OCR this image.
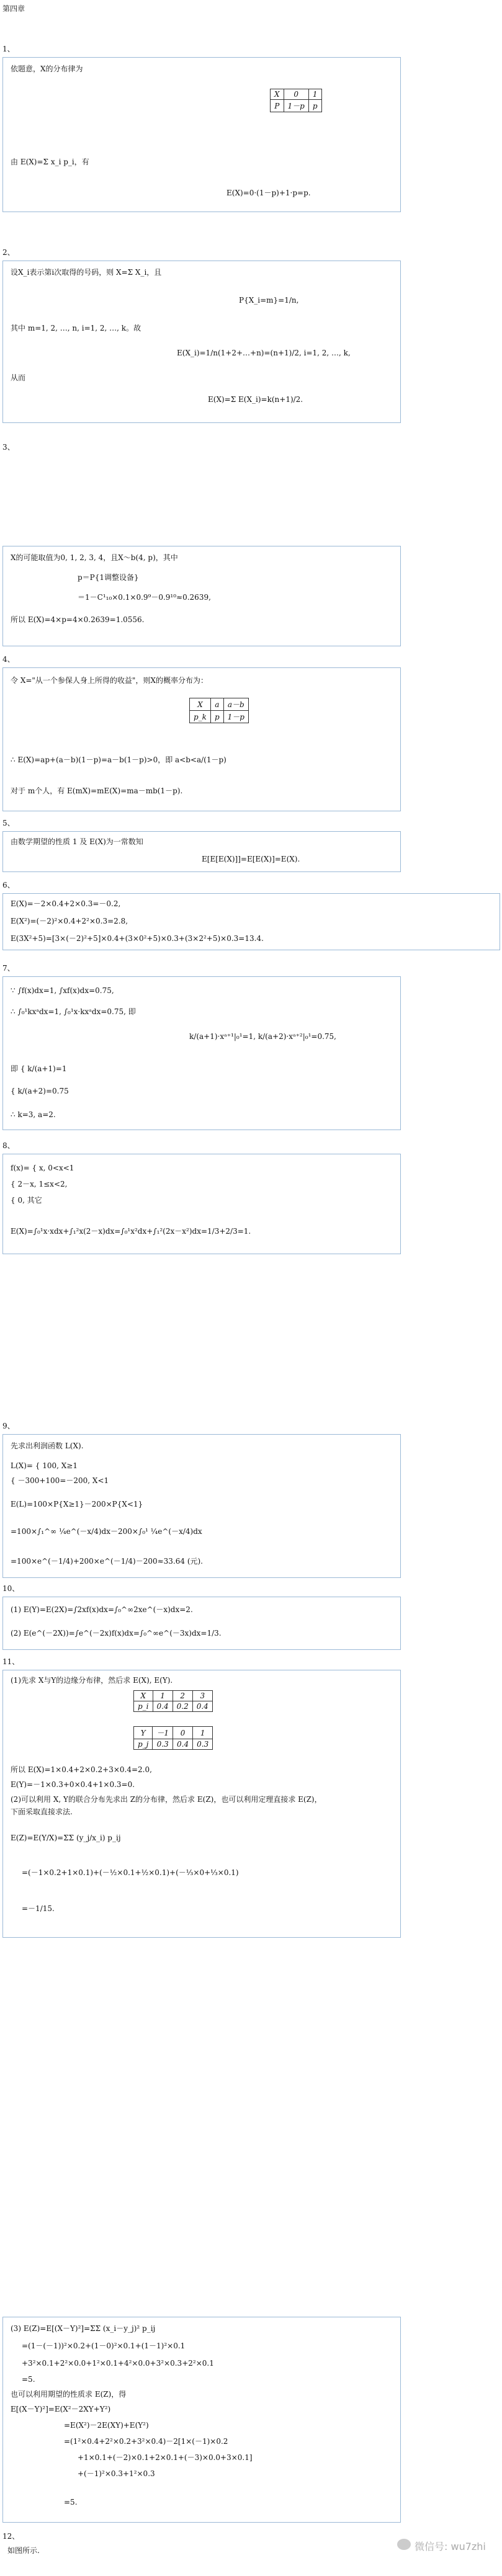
第四章
1、
依题意，X的分布律为
X	0	1
P	1－p	p
由 E(X)=Σ x_i p_i，有
E(X)=0·(1－p)+1·p=p.
2、
设X_i表示第i次取得的号码，则 X=Σ X_i，且
P{X_i=m}=1/n,
其中 m=1, 2, …, n, i=1, 2, …, k。故
E(X_i)=1/n(1+2+…+n)=(n+1)/2, i=1, 2, …, k,
从而
E(X)=Σ E(X_i)=k(n+1)/2.
3、
X的可能取值为0, 1, 2, 3, 4，且X～b(4, p)，其中
p＝P{1调整设备}
＝1－C¹₁₀×0.1×0.9⁹－0.9¹⁰≈0.2639,
所以 E(X)=4×p=4×0.2639=1.0556.
4、
令 X="从一个参保人身上所得的收益"，则X的概率分布为：
X	a	a－b
p_k	p	1－p
∴ E(X)=ap+(a－b)(1－p)=a－b(1－p)>0，即 a<b<a/(1－p)
对于 m个人，有 E(mX)=mE(X)=ma－mb(1－p).
5、
由数学期望的性质 1 及 E(X)为一常数知
E[E[E(X)]]=E[E(X)]=E(X).
6、
E(X)=－2×0.4+2×0.3=－0.2,
E(X²)=(－2)²×0.4+2²×0.3=2.8,
E(3X²+5)=[3×(－2)²+5]×0.4+(3×0²+5)×0.3+(3×2²+5)×0.3=13.4.
7、
∵ ∫f(x)dx=1, ∫xf(x)dx=0.75,
∴ ∫₀¹kxᵃdx=1, ∫₀¹x·kxᵃdx=0.75, 即
k/(a+1)·xᵃ⁺¹|₀¹=1, k/(a+2)·xᵃ⁺²|₀¹=0.75,
即 { k/(a+1)=1
{ k/(a+2)=0.75
∴ k=3, a=2.
8、
f(x)= { x, 0<x<1
{ 2－x, 1≤x<2,
{ 0, 其它
E(X)=∫₀¹x·xdx+∫₁²x(2－x)dx=∫₀¹x²dx+∫₁²(2x－x²)dx=1/3+2/3=1.
9、
先求出利润函数 L(X).
L(X)= { 100, X≥1
{ －300+100=－200, X<1
E(L)=100×P{X≥1}－200×P{X<1}
=100×∫₁^∞ ¼e^(－x/4)dx－200×∫₀¹ ¼e^(－x/4)dx
=100×e^(－1/4)+200×e^(－1/4)－200≈33.64 (元).
10、
(1) E(Y)=E(2X)=∫2xf(x)dx=∫₀^∞2xe^(－x)dx=2.
(2) E(e^(－2X))=∫e^(－2x)f(x)dx=∫₀^∞e^(－3x)dx=1/3.
11、
(1)先求 X与Y的边缘分布律，然后求 E(X), E(Y).
X	1	2	3
p_i	0.4	0.2	0.4
Y	－1	0	1
p_j	0.3	0.4	0.3
所以 E(X)=1×0.4+2×0.2+3×0.4=2.0,
E(Y)=－1×0.3+0×0.4+1×0.3=0.
(2)可以利用 X, Y的联合分布先求出 Z的分布律，然后求 E(Z)，也可以利用定理直接求 E(Z)，
下面采取直接求法.
E(Z)=E(Y/X)=ΣΣ (y_j/x_i) p_ij
=(－1×0.2+1×0.1)+(－½×0.1+½×0.1)+(－⅓×0+⅓×0.1)
=－1/15.
(3) E(Z)=E[(X－Y)²]=ΣΣ (x_i－y_j)² p_ij
=(1－(－1))²×0.2+(1－0)²×0.1+(1－1)²×0.1
+3²×0.1+2²×0.0+1²×0.1+4²×0.0+3²×0.3+2²×0.1
=5.
也可以利用期望的性质求 E(Z)，得
E[(X－Y)²]=E(X²－2XY+Y²)
=E(X²)－2E(XY)+E(Y²)
=(1²×0.4+2²×0.2+3²×0.4)－2[1×(－1)×0.2
+1×0.1+(－2)×0.1+2×0.1+(－3)×0.0+3×0.1]
+(－1)²×0.3+1²×0.3
=5.
12、
如图所示.	微信号: wu7zhi
